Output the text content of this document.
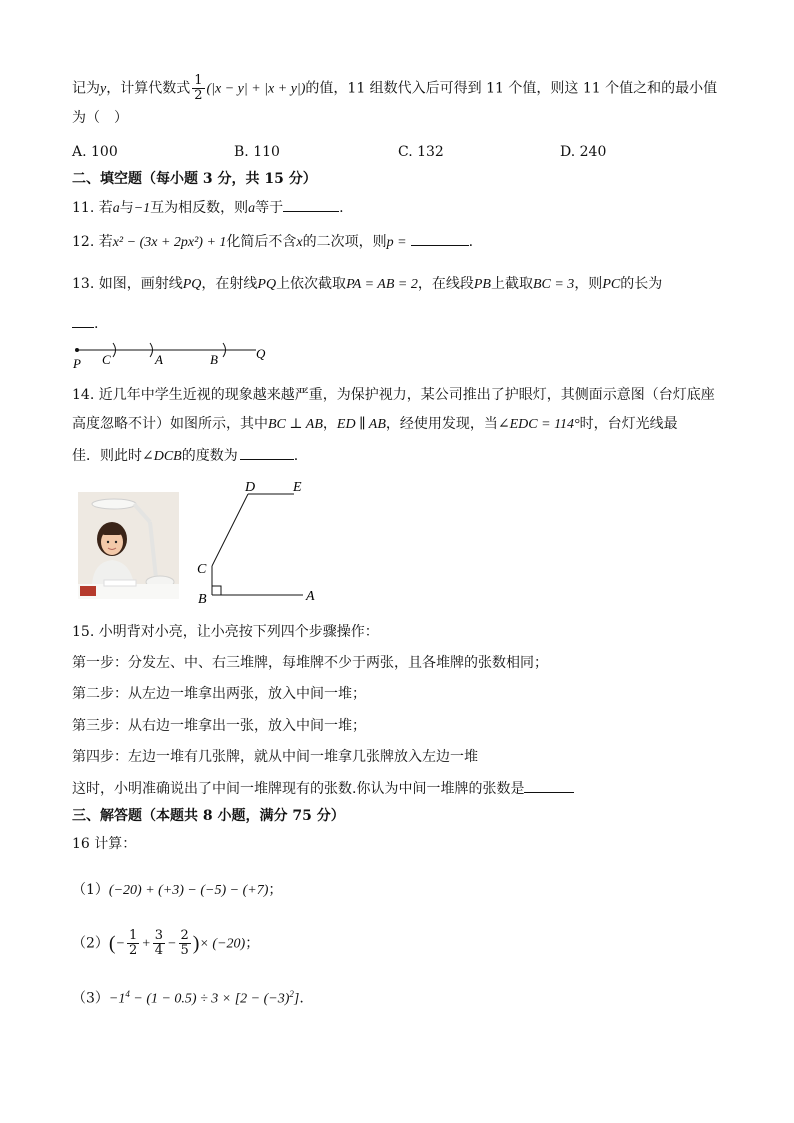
记为y，计算代数式 $\frac{1}{2} (|x - y| + |x + y|)$的值，11 组数代入后可得到 11 个值，则这 11 个值之和的最小值
为（　）
A. 100	B. 110	C. 132	D. 240
二、填空题（每小题 3 分，共 15 分）
11. 若a与−1互为相反数，则a等于	.
12. 若x² − (3x + 2px²) + 1化简后不含x的二次项，则p =	.
13. 如图，画射线PQ，在射线PQ上依次截取PA = AB = 2，在线段PB上截取BC = 3，则PC的长为
.
P C	A	B	Q
14. 近几年中学生近视的现象越来越严重，为保护视力，某公司推出了护眼灯，其侧面示意图（台灯底座
高度忽略不计）如图所示，其中BC ⊥ AB，ED ∥ AB，经使用发现，当∠EDC = 114°时，台灯光线最
佳．则此时∠DCB的度数为	.
D	E
C
B	A
15. 小明背对小亮，让小亮按下列四个步骤操作：
第一步：分发左、中、右三堆牌，每堆牌不少于两张，且各堆牌的张数相同；
第二步：从左边一堆拿出两张，放入中间一堆；
第三步：从右边一堆拿出一张，放入中间一堆；
第四步：左边一堆有几张牌，就从中间一堆拿几张牌放入左边一堆
这时，小明准确说出了中间一堆牌现有的张数.你认为中间一堆牌的张数是
三、解答题（本题共 8 小题，满分 75 分）
16 计算：
（1）(−20) + (+3) − (−5) − (+7)；
$(2)(- \frac{1}{2} + \frac{3}{4} - \frac{2}{5}$ )× (−20)；
$(3)-1^4 - (1 - 0.5) \div 3 \times [2 - (-3)^2]$.
